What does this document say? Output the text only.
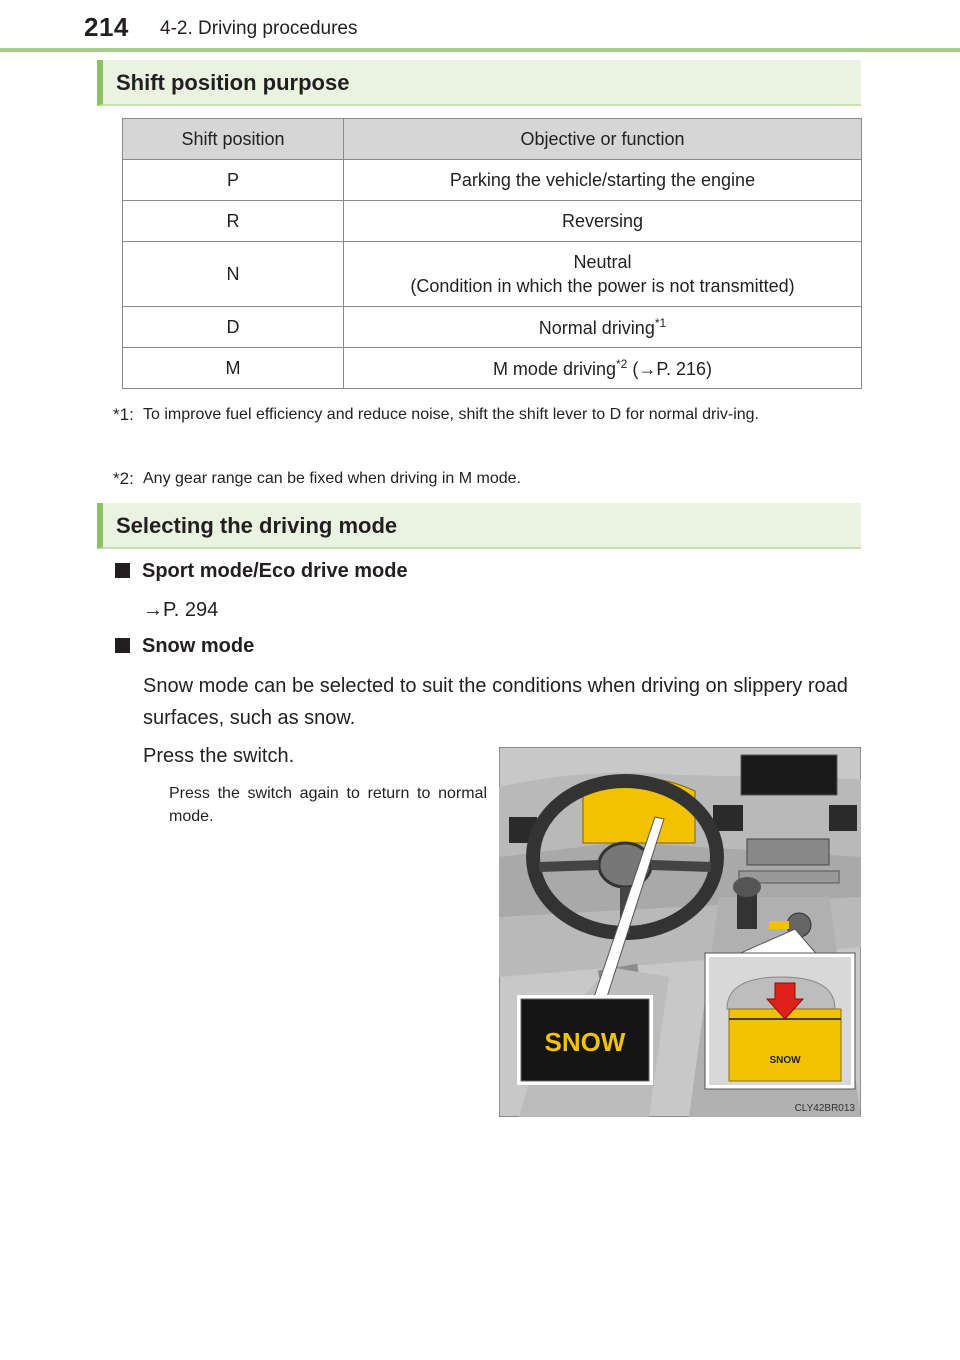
214 4-2. Driving procedures
Shift position purpose
Shift position	Objective or function
P	Parking the vehicle/starting the engine
R	Reversing
N	Neutral
(Condition in which the power is not transmitted)
D	Normal driving$^{*1}$
M	M mode driving$^{*2}$ (→P. 216)
*1: To improve fuel efficiency and reduce noise, shift the shift lever to D for normal driv-ing.
*2: Any gear range can be fixed when driving in M mode.
Selecting the driving mode
Sport mode/Eco drive mode
→P. 294
Snow mode
Snow mode can be selected to suit the conditions when driving on slippery road surfaces, such as snow.
Press the switch.
Press the switch again to return to normal mode.
SNOW
SNOW
CLY42BR013
